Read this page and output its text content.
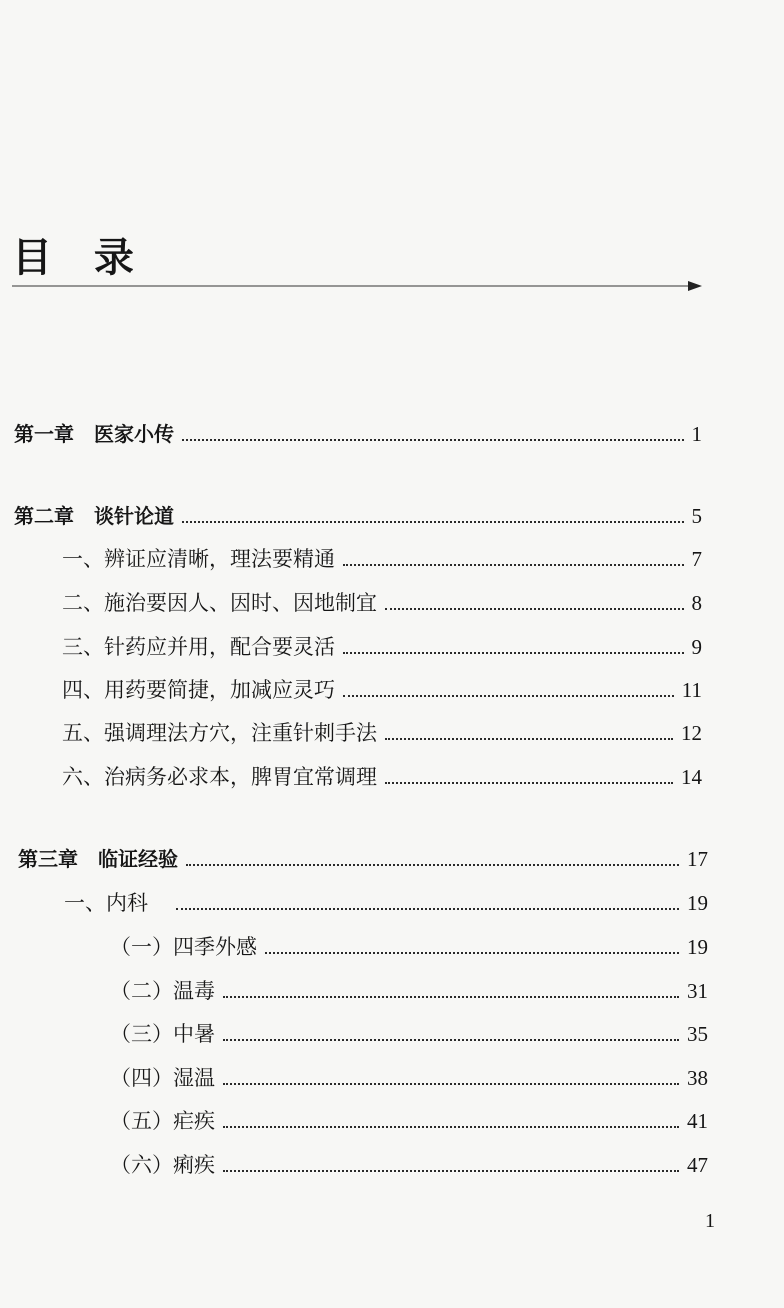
目 录
第一章　医家小传	1
第二章　谈针论道	5
一、辨证应清晰，理法要精通	7
二、施治要因人、因时、因地制宜	8
三、针药应并用，配合要灵活	9
四、用药要简捷，加减应灵巧	11
五、强调理法方穴，注重针刺手法	12
六、治病务必求本，脾胃宜常调理	14
第三章　临证经验	17
一、内科	19
（一）四季外感	19
（二）温毒	31
（三）中暑	35
（四）湿温	38
（五）疟疾	41
（六）痢疾	47
1
